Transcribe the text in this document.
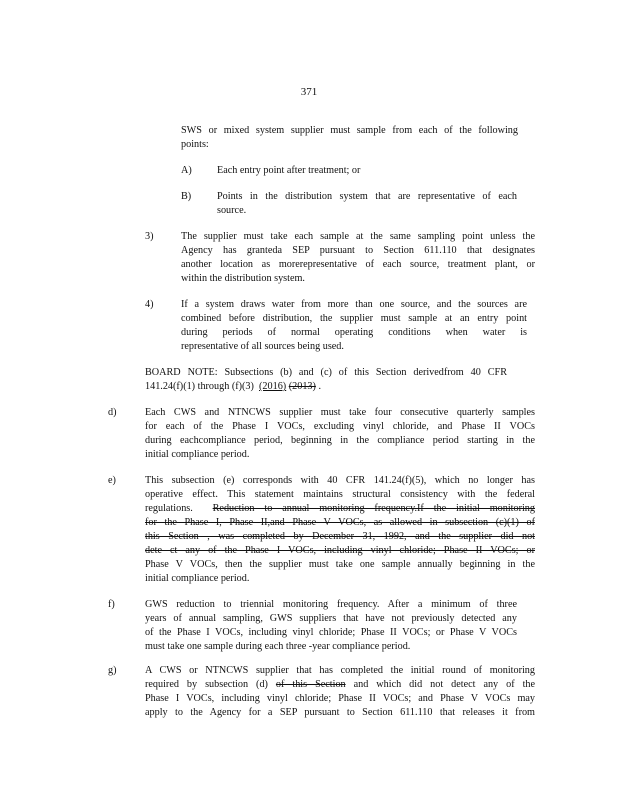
371
SWS or mixed system supplier must sample from each of the following
points:
A) Each entry point after treatment; or
B)	Points in the distribution system that are representative of each
source.
3)	The supplier must take each sample at the same sampling point unless the
Agency has granteda SEP pursuant to Section 611.110 that designates
another location as morerepresentative of each source, treatment plant, or
within the distribution system.
4)	If a system draws water from more than one source, and the sources are
combined before distribution, the supplier must sample at an entry point
during periods of normal operating conditions when water is
representative of all sources being used.
BOARD NOTE: Subsections (b) and (c) of this Section derivedfrom 40 CFR
141.24(f)(1) through (f)(3) (2016) (2013) .
d)	Each CWS and NTNCWS supplier must take four consecutive quarterly samples
for each of the Phase I VOCs, excluding vinyl chloride, and Phase II VOCs
during eachcompliance period, beginning in the compliance period starting in the
initial compliance period.
e)	This subsection (e) corresponds with 40 CFR 141.24(f)(5), which no longer has
operative effect. This statement maintains structural consistency with the federal
regulations. Reduction to annual monitoring frequency.If the initial monitoring
for the Phase I, Phase II,and Phase V VOCs, as allowed in subsection (c)(1) of
this Section , was completed by December 31, 1992, and the supplier did not
dete ct any of the Phase I VOCs, including vinyl chloride; Phase II VOCs; or
Phase V VOCs, then the supplier must take one sample annually beginning in the
initial compliance period.
f)	GWS reduction to triennial monitoring frequency. After a minimum of three
years of annual sampling, GWS suppliers that have not previously detected any
of the Phase I VOCs, including vinyl chloride; Phase II VOCs; or Phase V VOCs
must take one sample during each three -year compliance period.
g)	A CWS or NTNCWS supplier that has completed the initial round of monitoring
required by subsection (d) of this Section and which did not detect any of the
Phase I VOCs, including vinyl chloride; Phase II VOCs; and Phase V VOCs may
apply to the Agency for a SEP pursuant to Section 611.110 that releases it from
